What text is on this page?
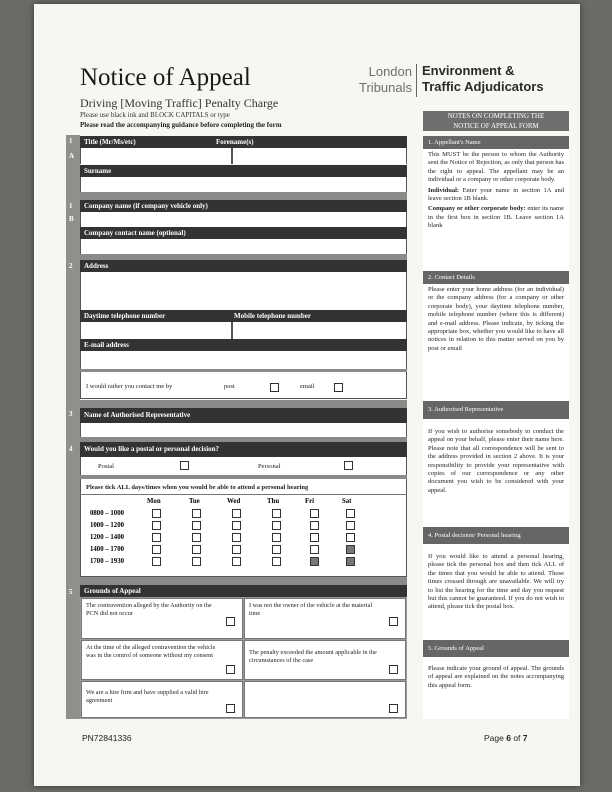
Notice of Appeal
Driving [Moving Traffic] Penalty Charge
Please use black ink and BLOCK CAPITALS or type
Please read the accompanying guidance before completing the form
London
Tribunals
Environment &
Traffic Adjudicators
1
A
1
B
2
3
4
5
Title (Mr/Ms/etc)	Forename(s)
Surname
Company name (if company vehicle only)
Company contact name (optional)
Address
Daytime telephone number	Mobile telephone number
E-mail address
I would rather you contact me by	post	email
Name of Authorised Representative
Would you like a postal or personal decision?
Postal	Personal
Please tick ALL days/times when you would be able to attend a personal hearing
Mon	Tue	Wed	Thu	Fri	Sat
0800 – 1000
1000 – 1200
1200 – 1400
1400 – 1700
1700 – 1930
Grounds of Appeal
The contravention alleged by the Authority on the PCN did not occur
I was not the owner of the vehicle at the material time
At the time of the alleged contravention the vehicle was in the control of someone without my consent	The penalty exceeded the amount applicable in the circumstances of the case
We are a hire firm and have supplied a valid hire agreement
NOTES ON COMPLETING THE
NOTICE OF APPEAL FORM
1. Appellant's Name
This MUST be the person to whom the Authority sent the Notice of Rejection, as only that person has the right to appeal. The appellant may be an individual or a company or other corporate body.
Individual: Enter your name in section 1A and leave section 1B blank.
Company or other corporate body: enter its name in the first box in section 1B. Leave section 1A blank
2. Contact Details
Please enter your home address (for an individual) or the company address (for a company or other corporate body), your daytime telephone number, mobile telephone number (where this is different) and e-mail address. Please indicate, by ticking the appropriate box, whether you would like to have all notices in relation to this matter served on you by post or email
3. Authorised Representative
If you wish to authorise somebody to conduct the appeal on your behalf, please enter their name here. Please note that all correspondence will be sent to the address provided in section 2 above. It is your responsibility to provide your representative with copies of our correspondence or any other document you wish to be considered with your appeal.
4. Postal decision/ Personal hearing
If you would like to attend a personal hearing, please tick the personal box and then tick ALL of the times that you would be able to attend. Those times crossed through are unavailable. We will try to list the hearing for the time and day you request but this cannot be guaranteed. If you do not wish to attend, please tick the postal box.
5. Grounds of Appeal
Please indicate your ground of appeal. The grounds of appeal are explained on the notes accompanying this appeal form.
PN72841336	Page 6 of 7
